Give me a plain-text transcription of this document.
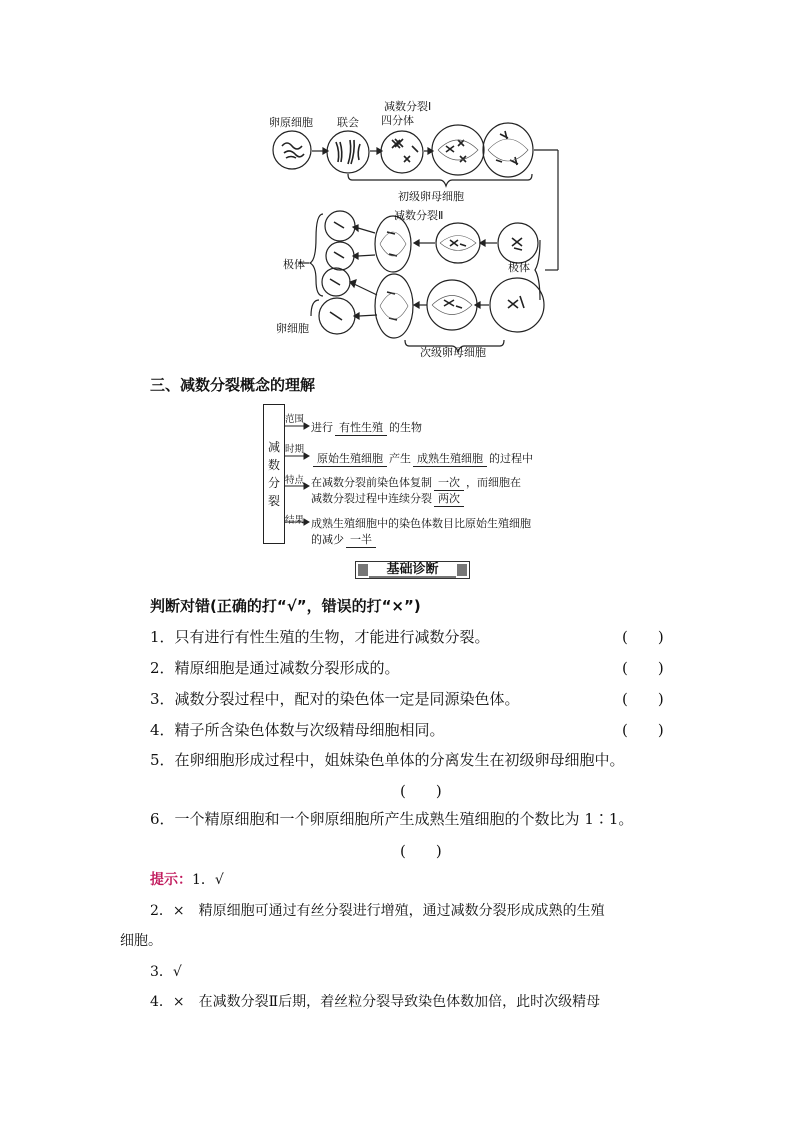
卵原细胞 联会
减数分裂Ⅰ
四分体
初级卵母细胞
减数分裂Ⅱ
极体
极体
卵细胞
次级卵母细胞
三、减数分裂概念的理解
减
数
分
裂
范围
时期
特点
结果
进行 有性生殖 的生物
原始生殖细胞 产生 成熟生殖细胞 的过程中
在减数分裂前染色体复制 一次 ，而细胞在
减数分裂过程中连续分裂 两次
成熟生殖细胞中的染色体数目比原始生殖细胞
的减少 一半
基础诊断
判断对错(正确的打“√”，错误的打“×”)
1．只有进行有性生殖的生物，才能进行减数分裂。	(　　)
2．精原细胞是通过减数分裂形成的。	(　　)
3．减数分裂过程中，配对的染色体一定是同源染色体。	(　　)
4．精子所含染色体数与次级精母细胞相同。	(　　)
5．在卵细胞形成过程中，姐妹染色单体的分离发生在初级卵母细胞中。
(　　)
6．一个精原细胞和一个卵原细胞所产生成熟生殖细胞的个数比为 1∶1。
(　　)
提示：1．√
2．×　精原细胞可通过有丝分裂进行增殖，通过减数分裂形成成熟的生殖
细胞。
3．√
4．×　在减数分裂Ⅱ后期，着丝粒分裂导致染色体数加倍，此时次级精母
